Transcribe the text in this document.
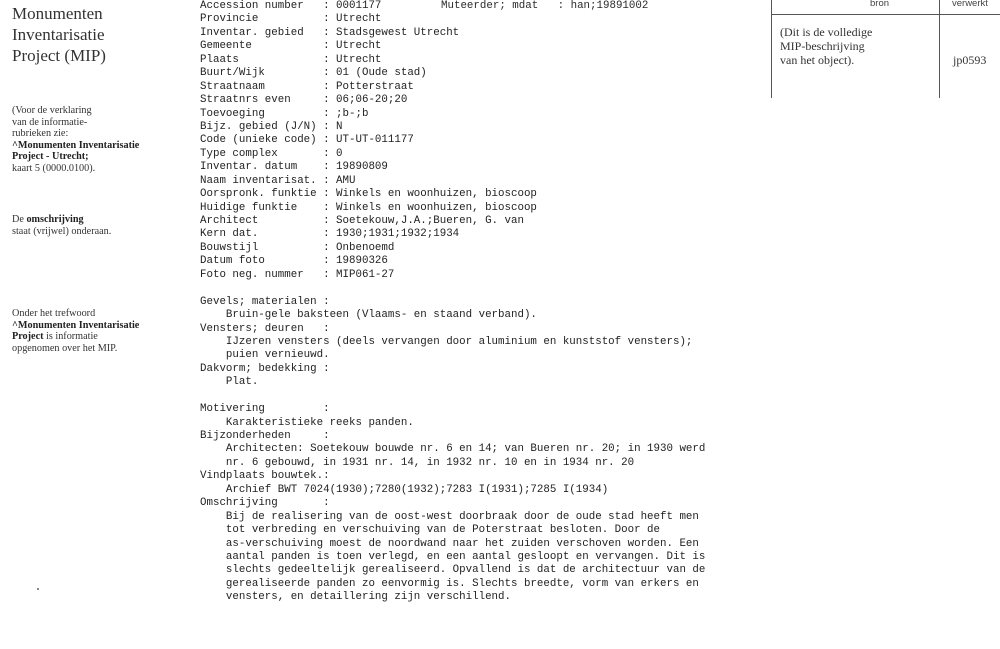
Monumenten
Inventarisatie
Project (MIP)
(Voor de verklaring
van de informatie-
rubrieken zie:
^Monumenten Inventarisatie
Project - Utrecht;
kaart 5 (0000.0100).
De omschrijving
staat (vrijwel) onderaan.
Onder het trefwoord
^Monumenten Inventarisatie
Project is informatie
opgenomen over het MIP.
Muteerder; mdat : han;19891002
Accession number : 0001177
Provincie	: Utrecht
Inventar. gebied : Stadsgewest Utrecht
Gemeente	: Utrecht
Plaats	: Utrecht
Buurt/Wijk	: 01 (Oude stad)
Straatnaam	: Potterstraat
Straatnrs even	: 06;06-20;20
Toevoeging	: ;b-;b
Bijz. gebied (J/N) : N
Code (unieke code) : UT-UT-011177
Type complex	: 0
Inventar. datum : 19890809
Naam inventarisat. : AMU
Oorspronk. funktie : Winkels en woonhuizen, bioscoop
Huidige funktie : Winkels en woonhuizen, bioscoop
Architect	: Soetekouw,J.A.;Bueren, G. van
Kern dat.	: 1930;1931;1932;1934
Bouwstijl	: Onbenoemd
Datum foto	: 19890326
Foto neg. nummer : MIP061-27
Gevels; materialen :
Bruin-gele baksteen (Vlaams- en staand verband).
Vensters; deuren   :
IJzeren vensters (deels vervangen door aluminium en kunststof vensters);
puien vernieuwd.
Dakvorm; bedekking :
Plat.
Motivering         :
Karakteristieke reeks panden.
Bijzonderheden     :
Architecten: Soetekouw bouwde nr. 6 en 14; van Bueren nr. 20; in 1930 werd
nr. 6 gebouwd, in 1931 nr. 14, in 1932 nr. 10 en in 1934 nr. 20
Vindplaats bouwtek.:
Archief BWT 7024(1930);7280(1932);7283 I(1931);7285 I(1934)
Omschrijving       :
Bij de realisering van de oost-west doorbraak door de oude stad heeft men
tot verbreding en verschuiving van de Poterstraat besloten. Door de
as-verschuiving moest de noordwand naar het zuiden verschoven worden. Een
aantal panden is toen verlegd, en een aantal gesloopt en vervangen. Dit is
slechts gedeeltelijk gerealiseerd. Opvallend is dat de architectuur van de
gerealiseerde panden zo eenvormig is. Slechts breedte, vorm van erkers en
vensters, en detaillering zijn verschillend.
bron	verwerkt
(Dit is de volledige
MIP-beschrijving
van het object).	jp0593
